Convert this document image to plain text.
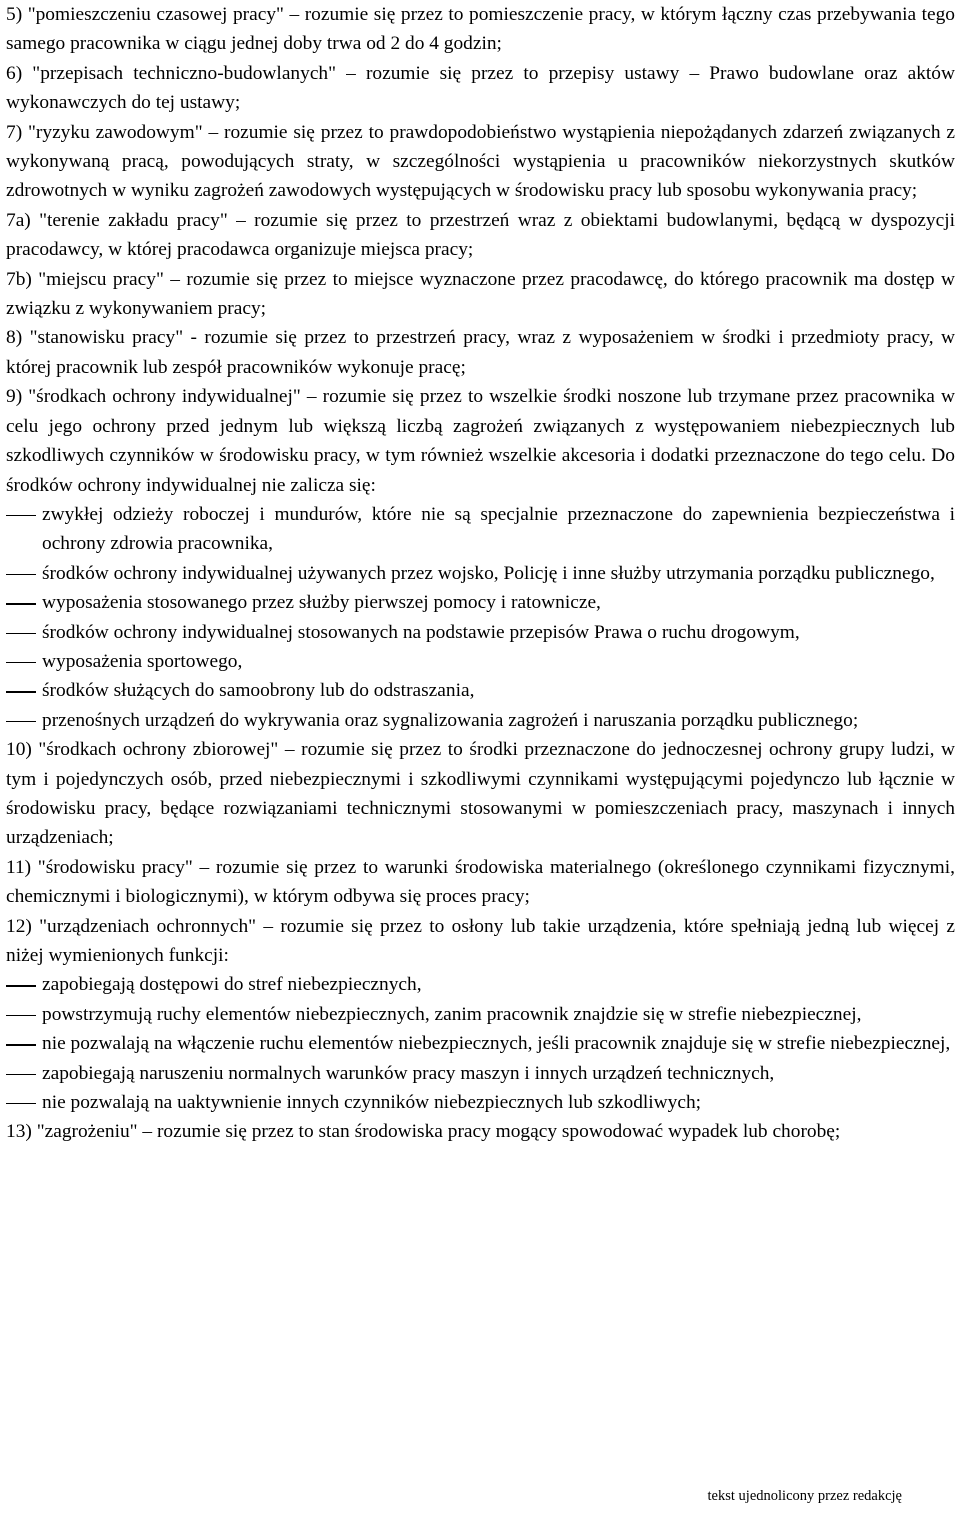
5) "pomieszczeniu czasowej pracy" – rozumie się przez to pomieszczenie pracy, w którym łączny czas przebywania tego samego pracownika w ciągu jednej doby trwa od 2 do 4 godzin;

6) "przepisach techniczno-budowlanych" – rozumie się przez to przepisy ustawy – Prawo budowlane oraz aktów wykonawczych do tej ustawy;

7) "ryzyku zawodowym" – rozumie się przez to prawdopodobieństwo wystąpienia niepożądanych zdarzeń związanych z wykonywaną pracą, powodujących straty, w szczególności wystąpienia u pracowników niekorzystnych skutków zdrowotnych w wyniku zagrożeń zawodowych występujących w środowisku pracy lub sposobu wykonywania pracy;

7a) "terenie zakładu pracy" – rozumie się przez to przestrzeń wraz z obiektami budowlanymi, będącą w dyspozycji pracodawcy, w której pracodawca organizuje miejsca pracy;

7b) "miejscu pracy" – rozumie się przez to miejsce wyznaczone przez pracodawcę, do którego pracownik ma dostęp w związku z wykonywaniem pracy;

8) "stanowisku pracy" - rozumie się przez to przestrzeń pracy, wraz z wyposażeniem w środki i przedmioty pracy, w której pracownik lub zespół pracowników wykonuje pracę;

9) "środkach ochrony indywidualnej" – rozumie się przez to wszelkie środki noszone lub trzymane przez pracownika w celu jego ochrony przed jednym lub większą liczbą zagrożeń związanych z występowaniem niebezpiecznych lub szkodliwych czynników w środowisku pracy, w tym również wszelkie akcesoria i dodatki przeznaczone do tego celu. Do środków ochrony indywidualnej nie zalicza się:

zwykłej odzieży roboczej i mundurów, które nie są specjalnie przeznaczone do zapewnienia bezpieczeństwa i ochrony zdrowia pracownika,
środków ochrony indywidualnej używanych przez wojsko, Policję i inne służby utrzymania porządku publicznego,
wyposażenia stosowanego przez służby pierwszej pomocy i ratownicze,
środków ochrony indywidualnej stosowanych na podstawie przepisów Prawa o ruchu drogowym,
wyposażenia sportowego,
środków służących do samoobrony lub do odstraszania,
przenośnych urządzeń do wykrywania oraz sygnalizowania zagrożeń i naruszania porządku publicznego;

10) "środkach ochrony zbiorowej" – rozumie się przez to środki przeznaczone do jednoczesnej ochrony grupy ludzi, w tym i pojedynczych osób, przed niebezpiecznymi i szkodliwymi czynnikami występującymi pojedynczo lub łącznie w środowisku pracy, będące rozwiązaniami technicznymi stosowanymi w pomieszczeniach pracy, maszynach i innych urządzeniach;

11) "środowisku pracy" – rozumie się przez to warunki środowiska materialnego (określonego czynnikami fizycznymi, chemicznymi i biologicznymi), w którym odbywa się proces pracy;

12) "urządzeniach ochronnych" – rozumie się przez to osłony lub takie urządzenia, które spełniają jedną lub więcej z niżej wymienionych funkcji:

zapobiegają dostępowi do stref niebezpiecznych,
powstrzymują ruchy elementów niebezpiecznych, zanim pracownik znajdzie się w strefie niebezpiecznej,
nie pozwalają na włączenie ruchu elementów niebezpiecznych, jeśli pracownik znajduje się w strefie niebezpiecznej,
zapobiegają naruszeniu normalnych warunków pracy maszyn i innych urządzeń technicznych,
nie pozwalają na uaktywnienie innych czynników niebezpiecznych lub szkodliwych;

13) "zagrożeniu" – rozumie się przez to stan środowiska pracy mogący spowodować wypadek lub chorobę;

tekst ujednolicony przez redakcję
